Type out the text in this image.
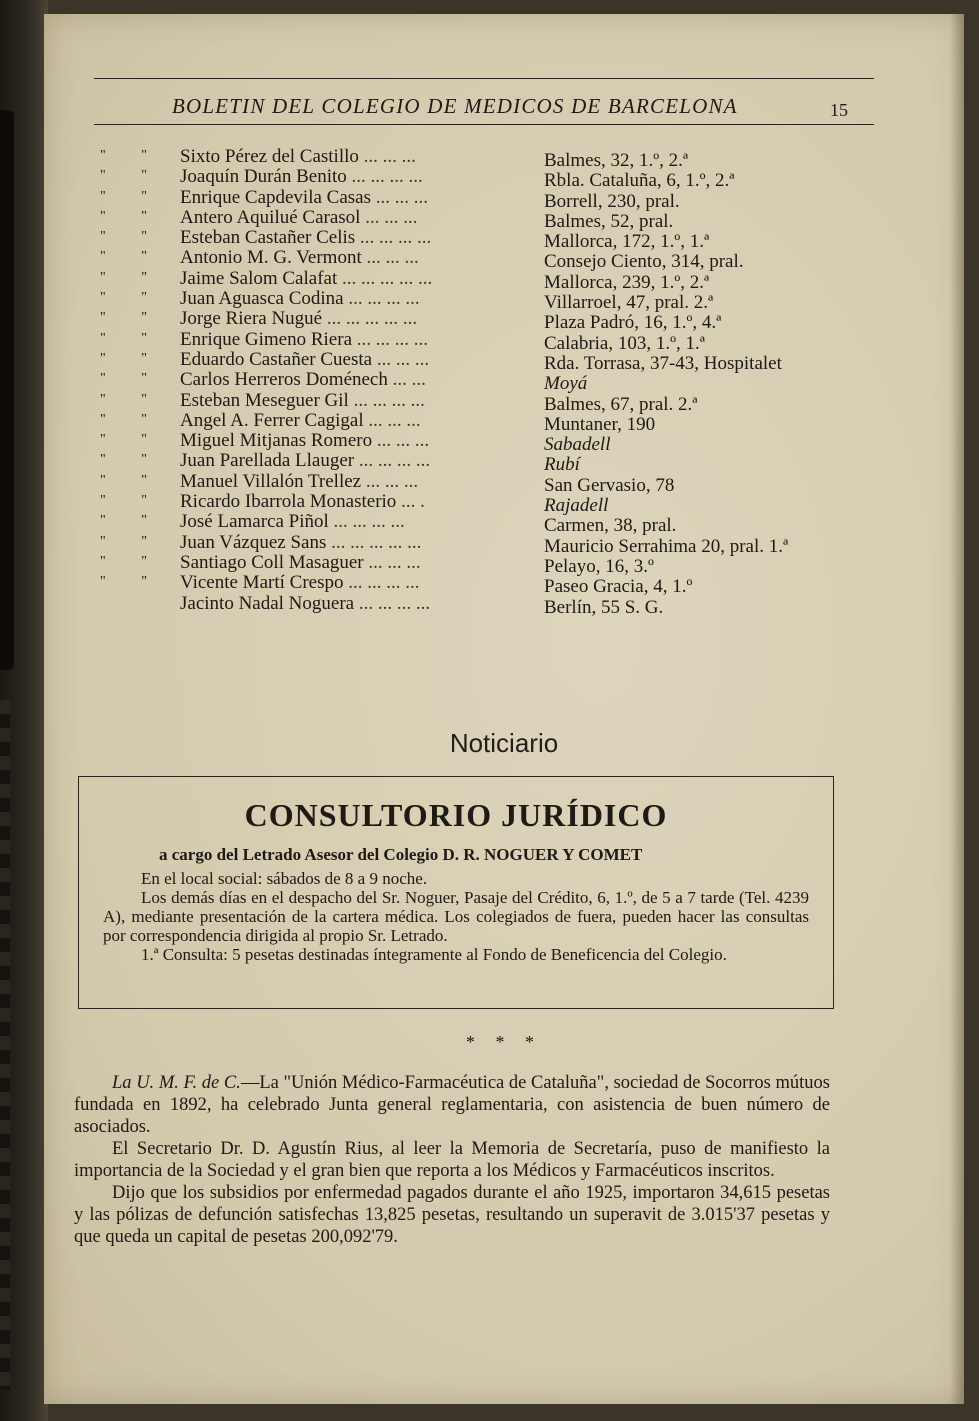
BOLETIN DEL COLEGIO DE MEDICOS DE BARCELONA	15
" " Sixto Pérez del Castillo ... ... ...	Balmes, 32, 1.º, 2.ª
" " Joaquín Durán Benito ... ... ... ...	Rbla. Cataluña, 6, 1.º, 2.ª
" " Enrique Capdevila Casas ... ... ...	Borrell, 230, pral.
" " Antero Aquilué Carasol ... ... ...	Balmes, 52, pral.
" " Esteban Castañer Celis ... ... ... ...	Mallorca, 172, 1.º, 1.ª
" " Antonio M. G. Vermont ... ... ...	Consejo Ciento, 314, pral.
" " Jaime Salom Calafat ... ... ... ... ...	Mallorca, 239, 1.º, 2.ª
" " Juan Aguasca Codina ... ... ... ...	Villarroel, 47, pral. 2.ª
" " Jorge Riera Nugué ... ... ... ... ...	Plaza Padró, 16, 1.º, 4.ª
" " Enrique Gimeno Riera ... ... ... ...	Calabria, 103, 1.º, 1.ª
" " Eduardo Castañer Cuesta ... ... ...	Rda. Torrasa, 37-43, Hospitalet
" " Carlos Herreros Doménech ... ...	Moyá
" " Esteban Meseguer Gil ... ... ... ...	Balmes, 67, pral. 2.ª
" " Angel A. Ferrer Cagigal ... ... ...	Muntaner, 190
" " Miguel Mitjanas Romero ... ... ...	Sabadell
" " Juan Parellada Llauger ... ... ... ...	Rubí
" " Manuel Villalón Trellez ... ... ...	San Gervasio, 78
" " Ricardo Ibarrola Monasterio ... .	Rajadell
" " José Lamarca Piñol ... ... ... ...	Carmen, 38, pral.
" " Juan Vázquez Sans ... ... ... ... ...	Mauricio Serrahima 20, pral. 1.ª
" " Santiago Coll Masaguer ... ... ...	Pelayo, 16, 3.º
" " Vicente Martí Crespo ... ... ... ...	Paseo Gracia, 4, 1.º
Jacinto Nadal Noguera ... ... ... ...	Berlín, 55 S. G.
Noticiario
CONSULTORIO JURÍDICO
a cargo del Letrado Asesor del Colegio D. R. NOGUER Y COMET

En el local social: sábados de 8 a 9 noche.

Los demás días en el despacho del Sr. Noguer, Pasaje del Crédito, 6, 1.º, de 5 a 7 tarde (Tel. 4239 A), mediante presentación de la cartera médica. Los colegiados de fuera, pueden hacer las consultas por correspondencia dirigida al propio Sr. Letrado.

1.ª Consulta: 5 pesetas destinadas íntegramente al Fondo de Beneficencia del Colegio.

* * *

La U. M. F. de C.—La "Unión Médico-Farmacéutica de Cataluña", sociedad de Socorros mútuos fundada en 1892, ha celebrado Junta general reglamentaria, con asistencia de buen número de asociados.

El Secretario Dr. D. Agustín Rius, al leer la Memoria de Secretaría, puso de manifiesto la importancia de la Sociedad y el gran bien que reporta a los Médicos y Farmacéuticos inscritos.

Dijo que los subsidios por enfermedad pagados durante el año 1925, importaron 34,615 pesetas y las pólizas de defunción satisfechas 13,825 pesetas, resultando un superavit de 3.015'37 pesetas y que queda un capital de pesetas 200,092'79.
